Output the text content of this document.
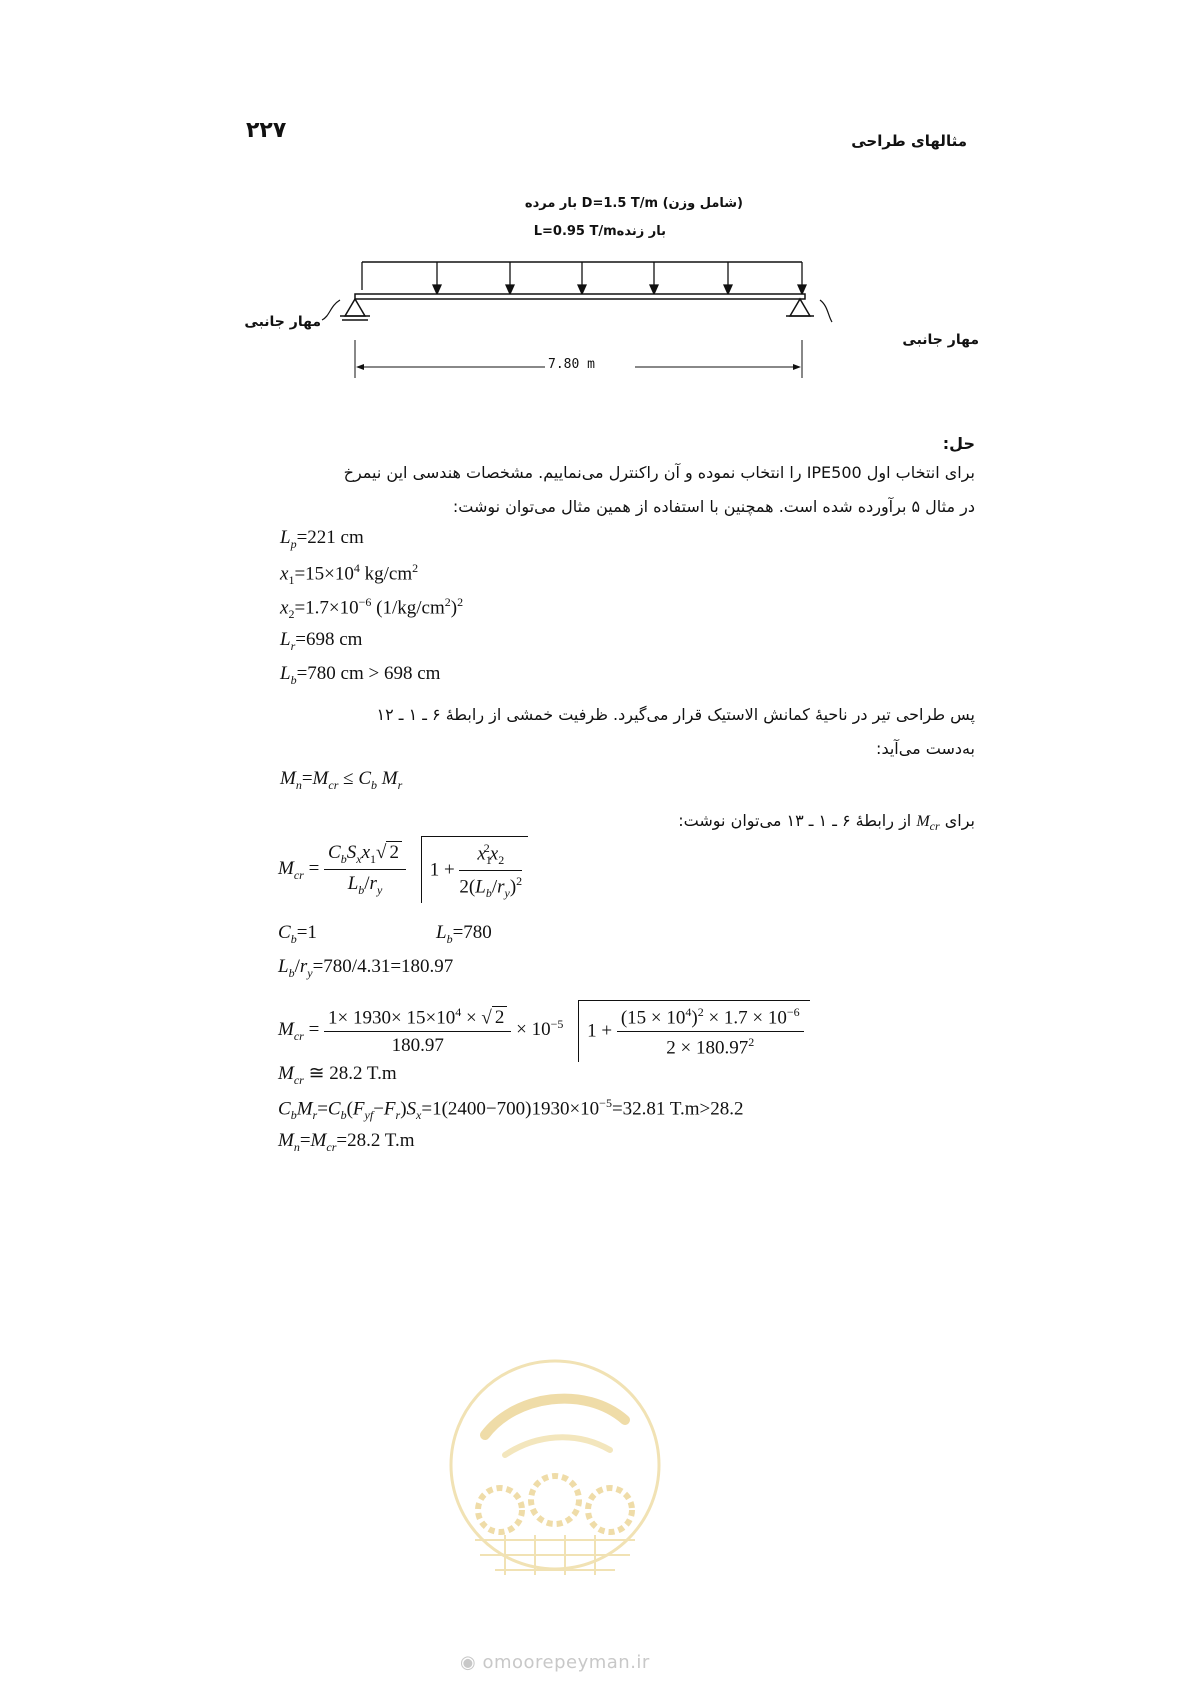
۲۲۷	مثالهای طراحی
(شامل وزن) D=1.5 T/m بار مرده
L=0.95 T/mبار زنده
7.80 m
مهار جانبی
مهار جانبی
حل:
برای انتخاب اول IPE500 را انتخاب نموده و آن راکنترل می‌نماییم. مشخصات هندسی این نیمرخ
در مثال ۵ برآورده شده است. همچنین با استفاده از همین مثال می‌توان نوشت:
$L_p=221$ cm
$x_1=15\times 10^4$ $kg/cm^2$
$x_2=1.7\times 10^{-6}$ $(1/kg/cm^2)^2$
$L_r=698$ cm
$L_b=780$ cm > 698 cm
پس طراحی تیر در ناحیهٔ کمانش الاستیک قرار می‌گیرد. ظرفیت خمشی از رابطهٔ ۶ ـ ۱ ـ ۱۲
به‌دست می‌آید:
$M_n=M_{cr} \le C_b$ $M_r$
برای $M_{cr}$ از رابطهٔ ۶ ـ ۱ ـ ۱۳ می‌توان نوشت:
$M_{cr} = \frac{C_bS_xx_1√ 2}{L_b/r_y} 1 + \frac{x_1^2x_2}{2(L_b/r_y)^2}$
$C_b=1$	$L_b=780$
$L_b/r_y=780/4.31=180.97$
$M_{cr} = \frac{1\times 1930\times 15\times 10^4 \times √ 2}{180.97} \times 10^{-5}$ $1 + \frac{(15 \times 10^4)^2 \times 1.7 \times 10^{-6}}{2 \times 180.97^2}$
$M_{cr}$ ≅ 28.2 T.m
$C_bM_r=C_b(F_{yf}-F_r)S_x=1(2400-700)1930\times 10^{-5}=32.81$ T.m>28.2
$M_n=M_{cr}=28.2$ T.m
◉ omoorepeyman.ir
